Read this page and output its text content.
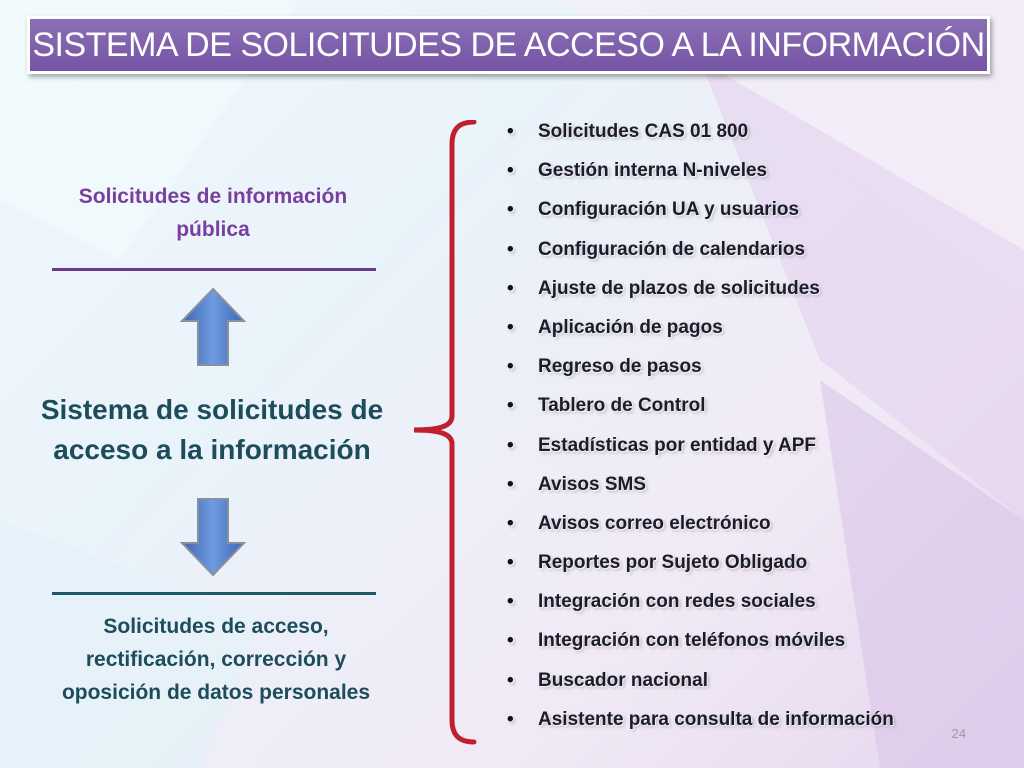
SISTEMA DE SOLICITUDES DE ACCESO A LA INFORMACIÓN
Solicitudes de información pública
Sistema de solicitudes de acceso a la información
Solicitudes de acceso, rectificación, corrección y oposición de datos personales
• Solicitudes CAS 01 800
• Gestión interna N-niveles
• Configuración UA y usuarios
• Configuración de calendarios
• Ajuste de plazos de solicitudes
• Aplicación de pagos
• Regreso de pasos
• Tablero de Control
• Estadísticas por entidad y APF
• Avisos SMS
• Avisos correo electrónico
• Reportes por Sujeto Obligado
• Integración con redes sociales
• Integración con teléfonos móviles
• Buscador nacional
• Asistente para consulta de información
24
